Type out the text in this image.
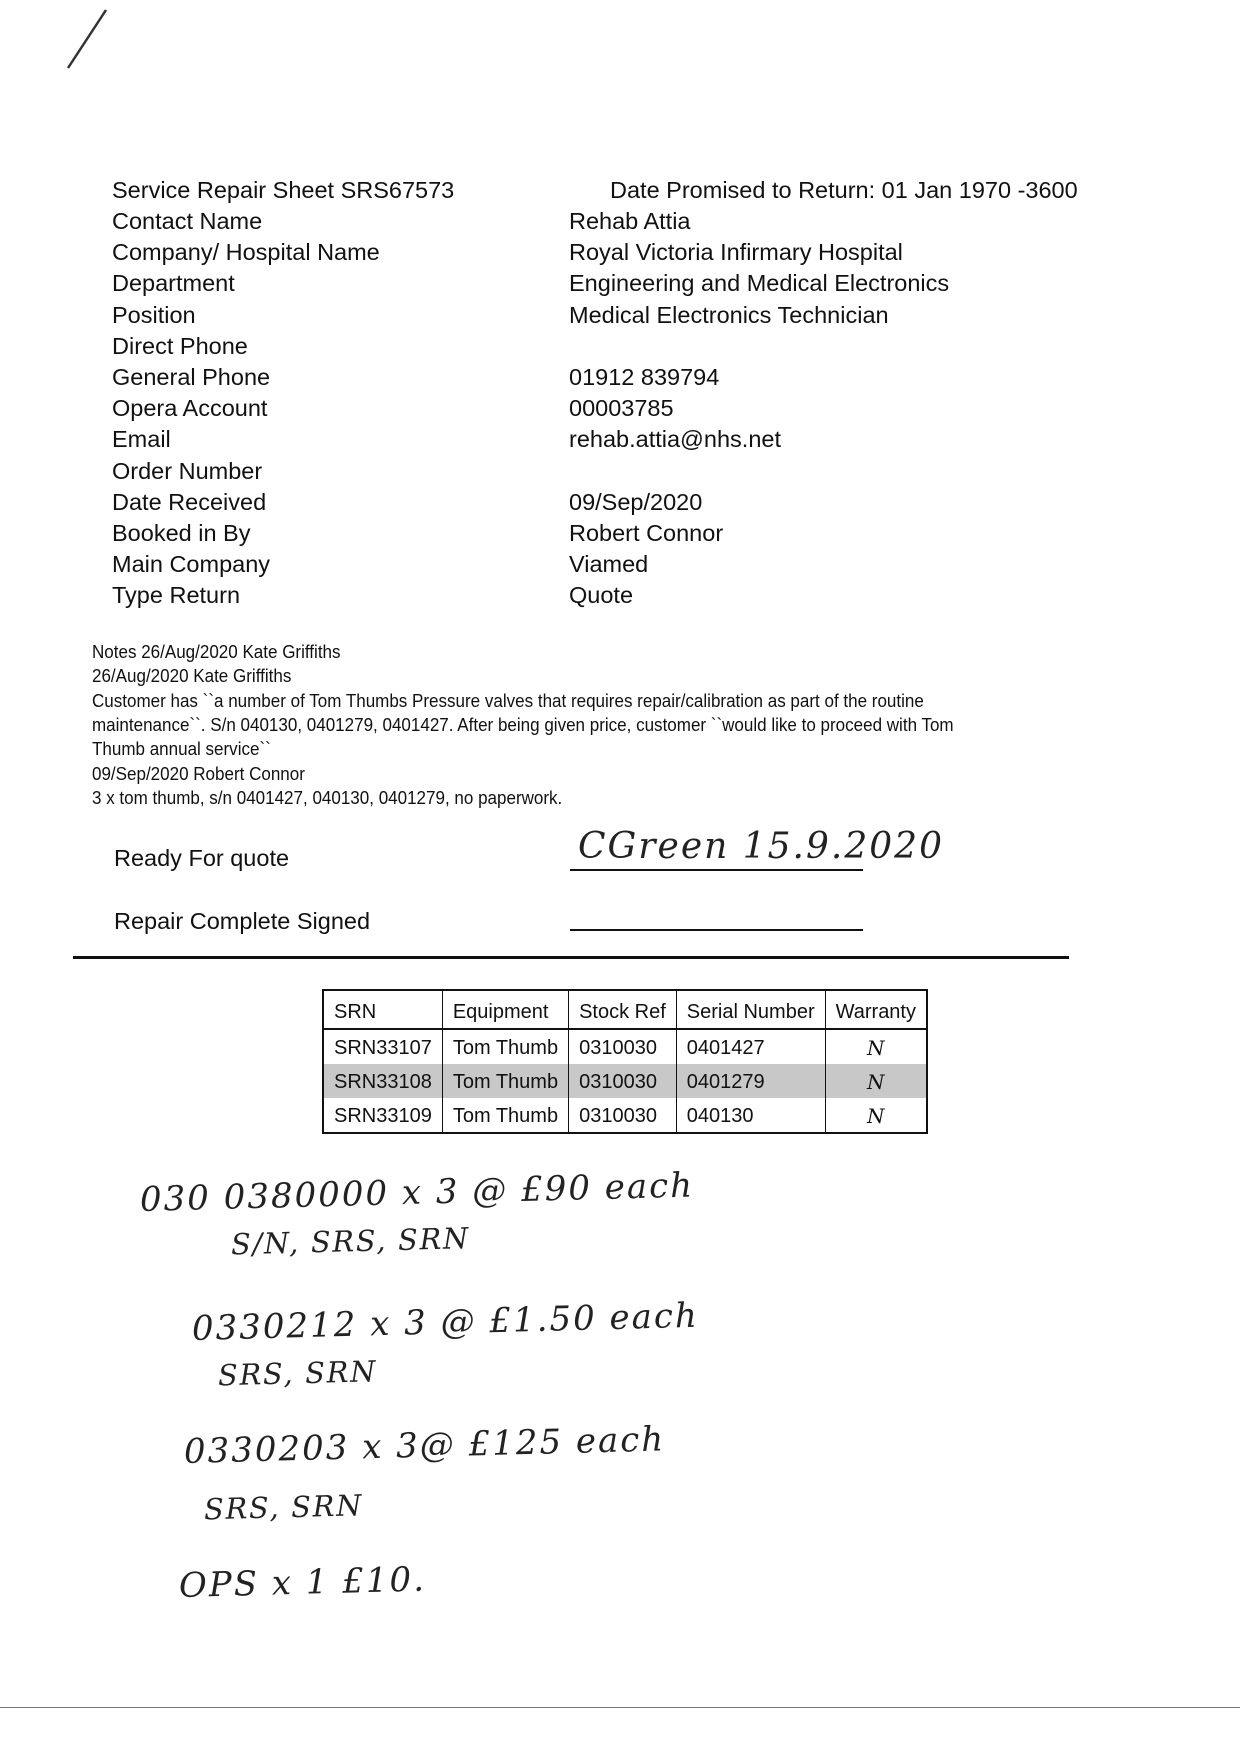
Service Repair Sheet SRS67573	Date Promised to Return: 01 Jan 1970 -3600
Contact Name	Rehab Attia
Company/ Hospital Name	Royal Victoria Infirmary Hospital
Department	Engineering and Medical Electronics
Position	Medical Electronics Technician
Direct Phone
General Phone	01912 839794
Opera Account	00003785
Email	rehab.attia@nhs.net
Order Number
Date Received	09/Sep/2020
Booked in By	Robert Connor
Main Company	Viamed
Type Return	Quote
Notes 26/Aug/2020 Kate Griffiths
26/Aug/2020 Kate Griffiths
Customer has ``a number of Tom Thumbs Pressure valves that requires repair/calibration as part of the routine
maintenance``. S/n 040130, 0401279, 0401427. After being given price, customer ``would like to proceed with Tom
Thumb annual service``
09/Sep/2020 Robert Connor
3 x tom thumb, s/n 0401427, 040130, 0401279, no paperwork.
Ready For quote	CGreen 15.9.2020
Repair Complete Signed
SRN	Equipment	Stock Ref	Serial Number	Warranty
SRN33107	Tom Thumb	0310030	0401427	N
SRN33108	Tom Thumb	0310030	0401279	N
SRN33109	Tom Thumb	0310030	040130	N
030 0380000 x 3 @ £90 each
S/N, SRS, SRN
0330212 x 3 @ £1.50 each
SRS, SRN
0330203 x 3@ £125 each
SRS, SRN
OPS x 1 £10.
